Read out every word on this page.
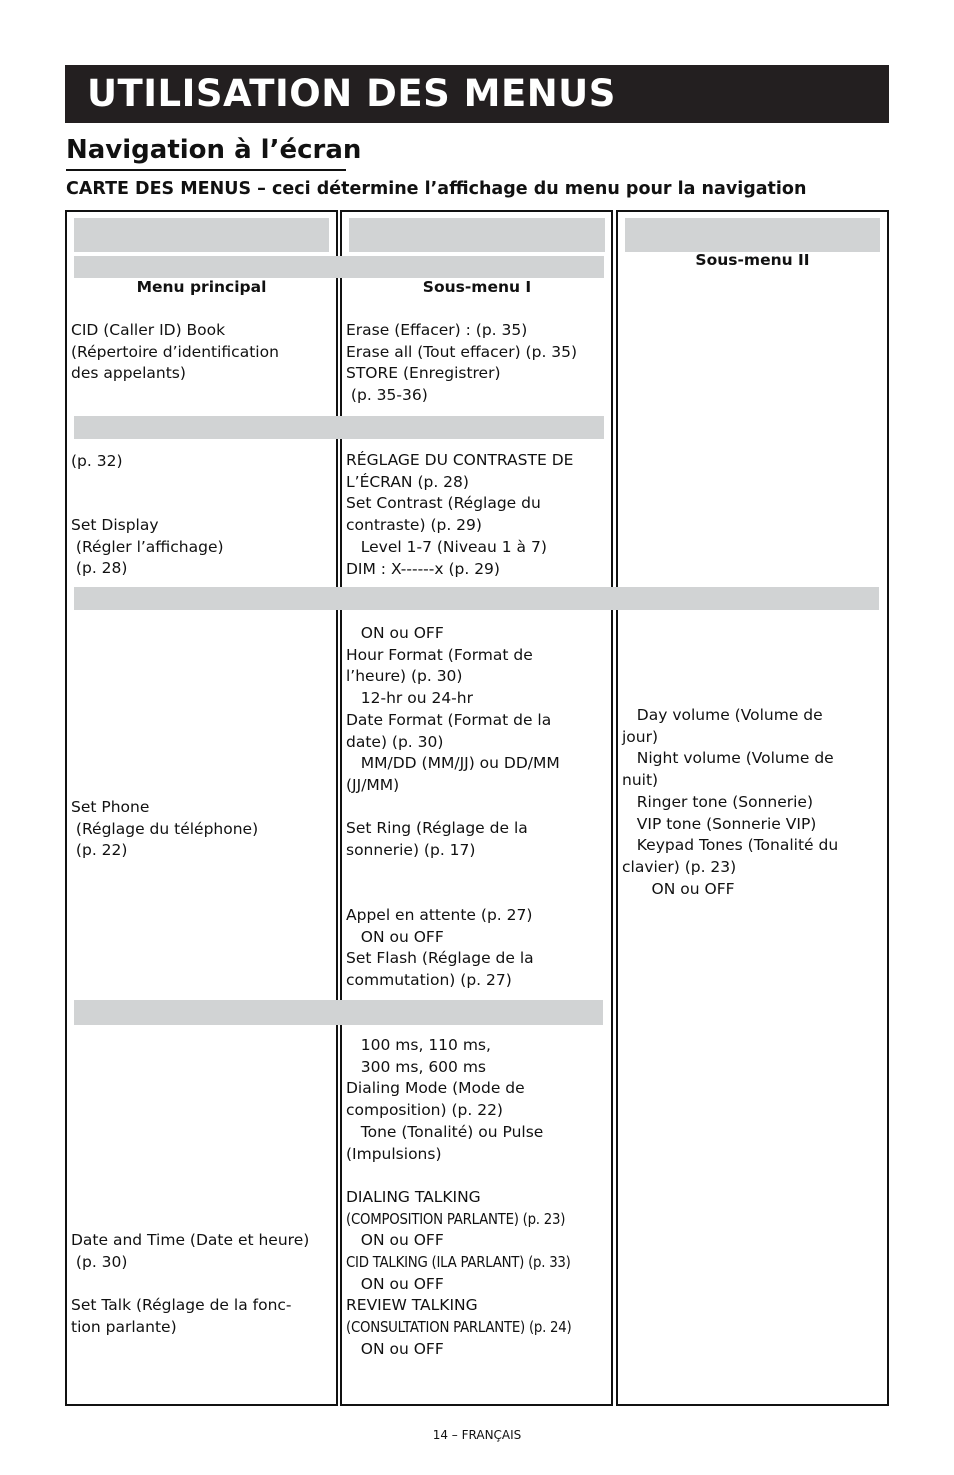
UTILISATION DES MENUS
Navigation à l’écran
CARTE DES MENUS – ceci détermine l’affichage du menu pour la navigation
Menu principal	Sous-menu I
Sous-menu II
CID (Caller ID) Book
(Répertoire d’identification
des appelants)
(p. 32)
Set Display
(Régler l’affichage)
(p. 28)
Set Phone
(Réglage du téléphone)
(p. 22)
Date and Time (Date et heure)
(p. 30)
Set Talk (Réglage de la fonc-
tion parlante)
Erase (Effacer) : (p. 35)
Erase all (Tout effacer) (p. 35)
STORE (Enregistrer)
(p. 35-36)
RÉGLAGE DU CONTRASTE DE
L’ÉCRAN (p. 28)
Set Contrast (Réglage du
contraste) (p. 29)
Level 1-7 (Niveau 1 à 7)
DIM : X------x (p. 29)
ON ou OFF
Hour Format (Format de
l’heure) (p. 30)
12-hr ou 24-hr
Date Format (Format de la
date) (p. 30)
MM/DD (MM/JJ) ou DD/MM
(JJ/MM)

Set Ring (Réglage de la
sonnerie) (p. 17)
Appel en attente (p. 27)
ON ou OFF
Set Flash (Réglage de la
commutation) (p. 27)
100 ms, 110 ms,
300 ms, 600 ms
Dialing Mode (Mode de
composition) (p. 22)
Tone (Tonalité) ou Pulse
(Impulsions)
DIALING TALKING
(COMPOSITION PARLANTE) (p. 23)
ON ou OFF
CID TALKING (ILA PARLANT) (p. 33)
ON ou OFF
REVIEW TALKING
(CONSULTATION PARLANTE) (p. 24)
ON ou OFF
Day volume (Volume de
jour)
Night volume (Volume de
nuit)
Ringer tone (Sonnerie)
VIP tone (Sonnerie VIP)
Keypad Tones (Tonalité du
clavier) (p. 23)
ON ou OFF
14 – FRANÇAIS
